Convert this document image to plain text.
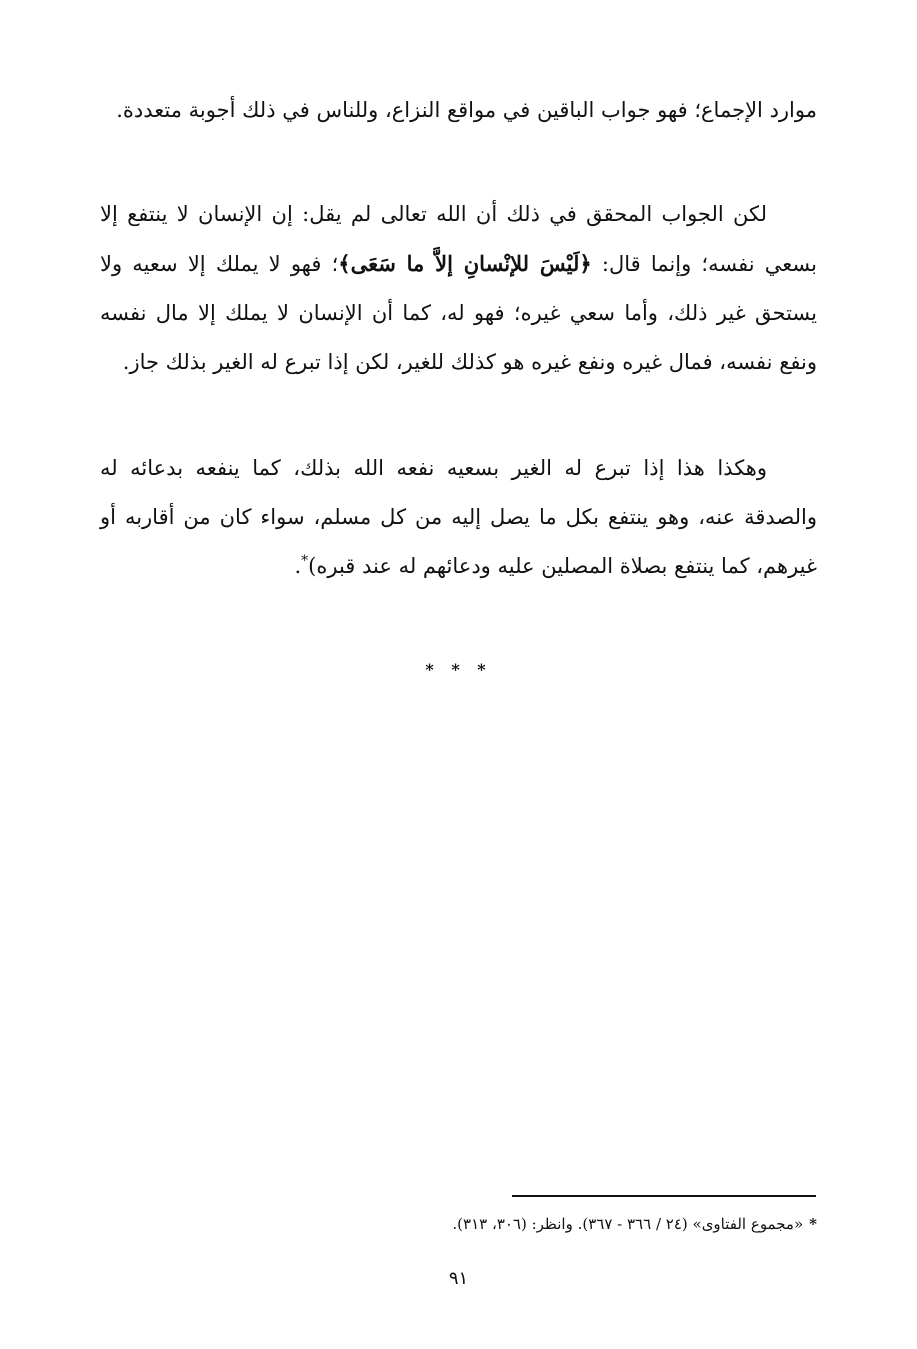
موارد الإجماع؛ فهو جواب الباقين في مواقع النزاع، وللناس في ذلك أجوبة متعددة.
لكن الجواب المحقق في ذلك أن الله تعالى لم يقل: إن الإنسان لا ينتفع إلا بسعي نفسه؛ وإنما قال: ﴿لَيْسَ للإنْسانِ إلاَّ ما سَعَى﴾؛ فهو لا يملك إلا سعيه ولا يستحق غير ذلك، وأما سعي غيره؛ فهو له، كما أن الإنسان لا يملك إلا مال نفسه ونفع نفسه، فمال غيره ونفع غيره هو كذلك للغير، لكن إذا تبرع له الغير بذلك جاز.
وهكذا هذا إذا تبرع له الغير بسعيه نفعه الله بذلك، كما ينفعه بدعائه له والصدقة عنه، وهو ينتفع بكل ما يصل إليه من كل مسلم، سواء كان من أقاربه أو غيرهم، كما ينتفع بصلاة المصلين عليه ودعائهم له عند قبره)*.
* * *
*«مجموع الفتاوى» (٢٤ / ٣٦٦ - ٣٦٧). وانظر: (٣٠٦، ٣١٣).
٩١
